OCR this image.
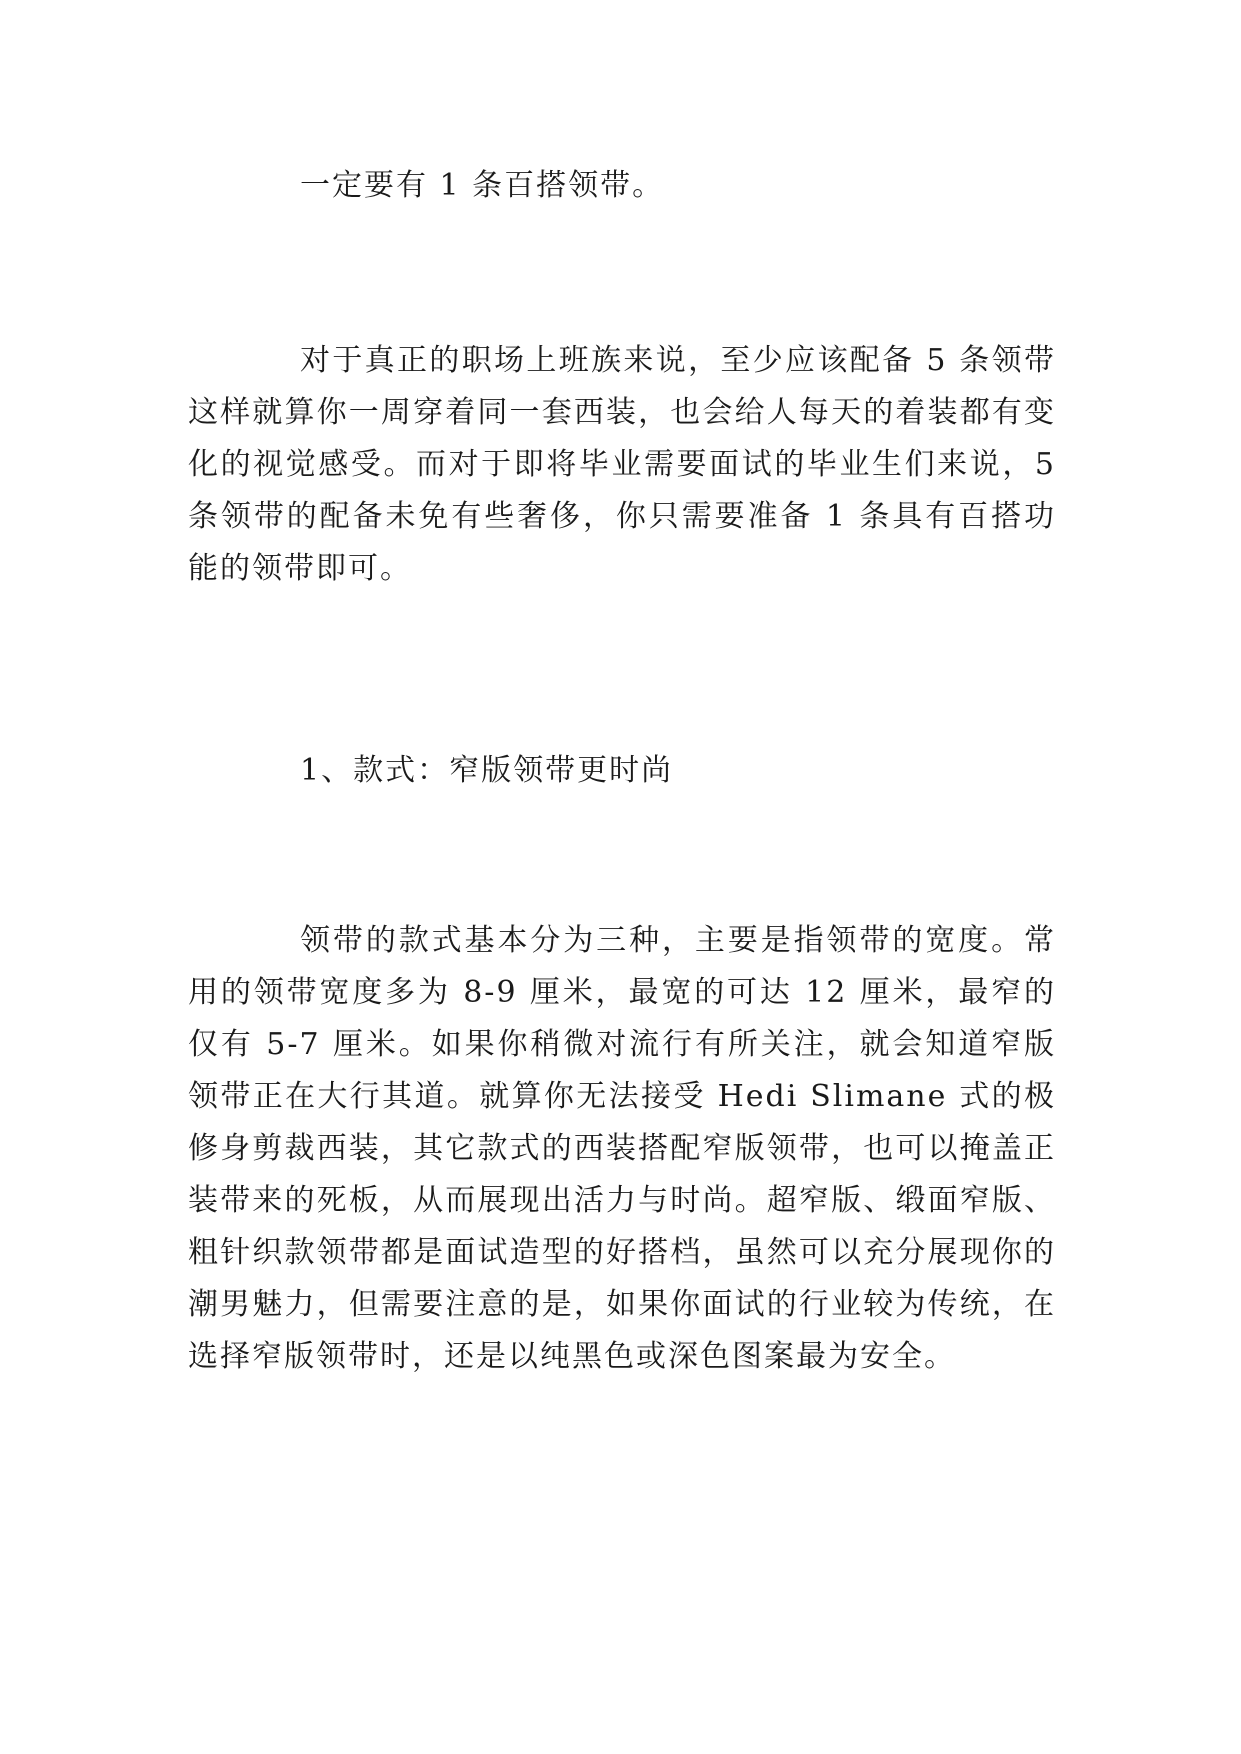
一定要有 1 条百搭领带。

对于真正的职场上班族来说，至少应该配备 5 条领带这样就算你一周穿着同一套西装，也会给人每天的着装都有变化的视觉感受。而对于即将毕业需要面试的毕业生们来说，5 条领带的配备未免有些奢侈，你只需要准备 1 条具有百搭功能的领带即可。

1、款式：窄版领带更时尚

领带的款式基本分为三种，主要是指领带的宽度。常用的领带宽度多为 8-9 厘米，最宽的可达 12 厘米，最窄的仅有 5-7 厘米。如果你稍微对流行有所关注，就会知道窄版领带正在大行其道。就算你无法接受 Hedi Slimane 式的极修身剪裁西装，其它款式的西装搭配窄版领带，也可以掩盖正装带来的死板，从而展现出活力与时尚。超窄版、缎面窄版、粗针织款领带都是面试造型的好搭档，虽然可以充分展现你的潮男魅力，但需要注意的是，如果你面试的行业较为传统，在选择窄版领带时，还是以纯黑色或深色图案最为安全。
